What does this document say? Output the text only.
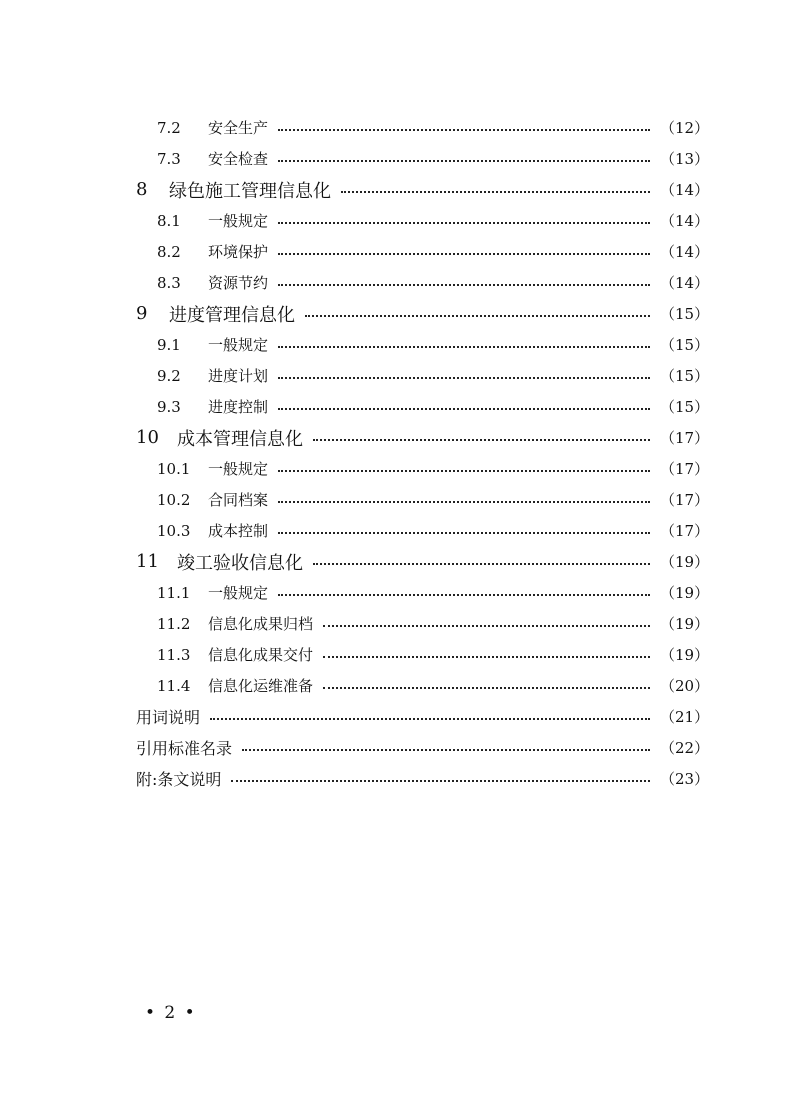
7.2	安全生产	（12）
7.3	安全检查	（13）
8	绿色施工管理信息化	（14）
8.1	一般规定	（14）
8.2	环境保护	（14）
8.3	资源节约	（14）
9	进度管理信息化	（15）
9.1	一般规定	（15）
9.2	进度计划	（15）
9.3	进度控制	（15）
10	成本管理信息化	（17）
10.1	一般规定	（17）
10.2	合同档案	（17）
10.3	成本控制	（17）
11	竣工验收信息化	（19）
11.1	一般规定	（19）
11.2	信息化成果归档	（19）
11.3	信息化成果交付	（19）
11.4	信息化运维准备	（20）
用词说明	（21）
引用标准名录	（22）
附:条文说明	（23）
• 2 •
